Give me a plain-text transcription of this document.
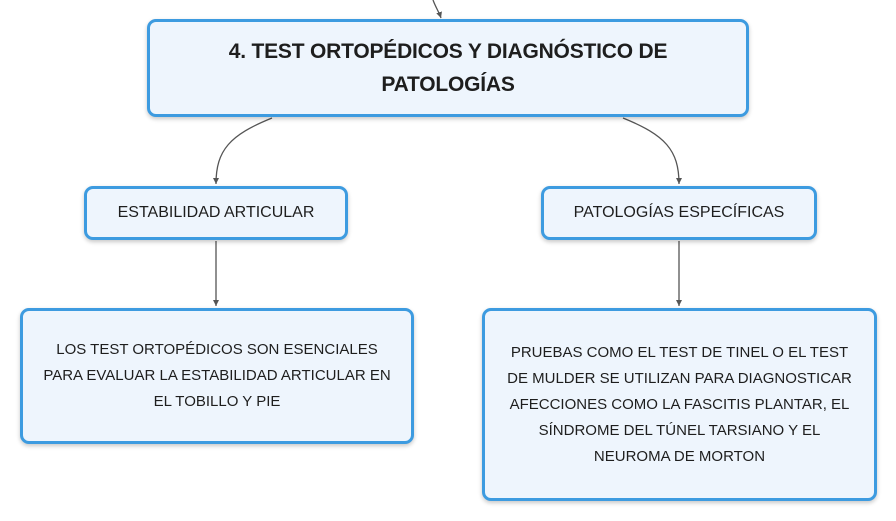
4. TEST ORTOPÉDICOS Y DIAGNÓSTICO DE PATOLOGÍAS
ESTABILIDAD ARTICULAR	PATOLOGÍAS ESPECÍFICAS
LOS TEST ORTOPÉDICOS SON ESENCIALES PARA EVALUAR LA ESTABILIDAD ARTICULAR EN EL TOBILLO Y PIE
PRUEBAS COMO EL TEST DE TINEL O EL TEST DE MULDER SE UTILIZAN PARA DIAGNOSTICAR AFECCIONES COMO LA FASCITIS PLANTAR, EL SÍNDROME DEL TÚNEL TARSIANO Y EL NEUROMA DE MORTON
